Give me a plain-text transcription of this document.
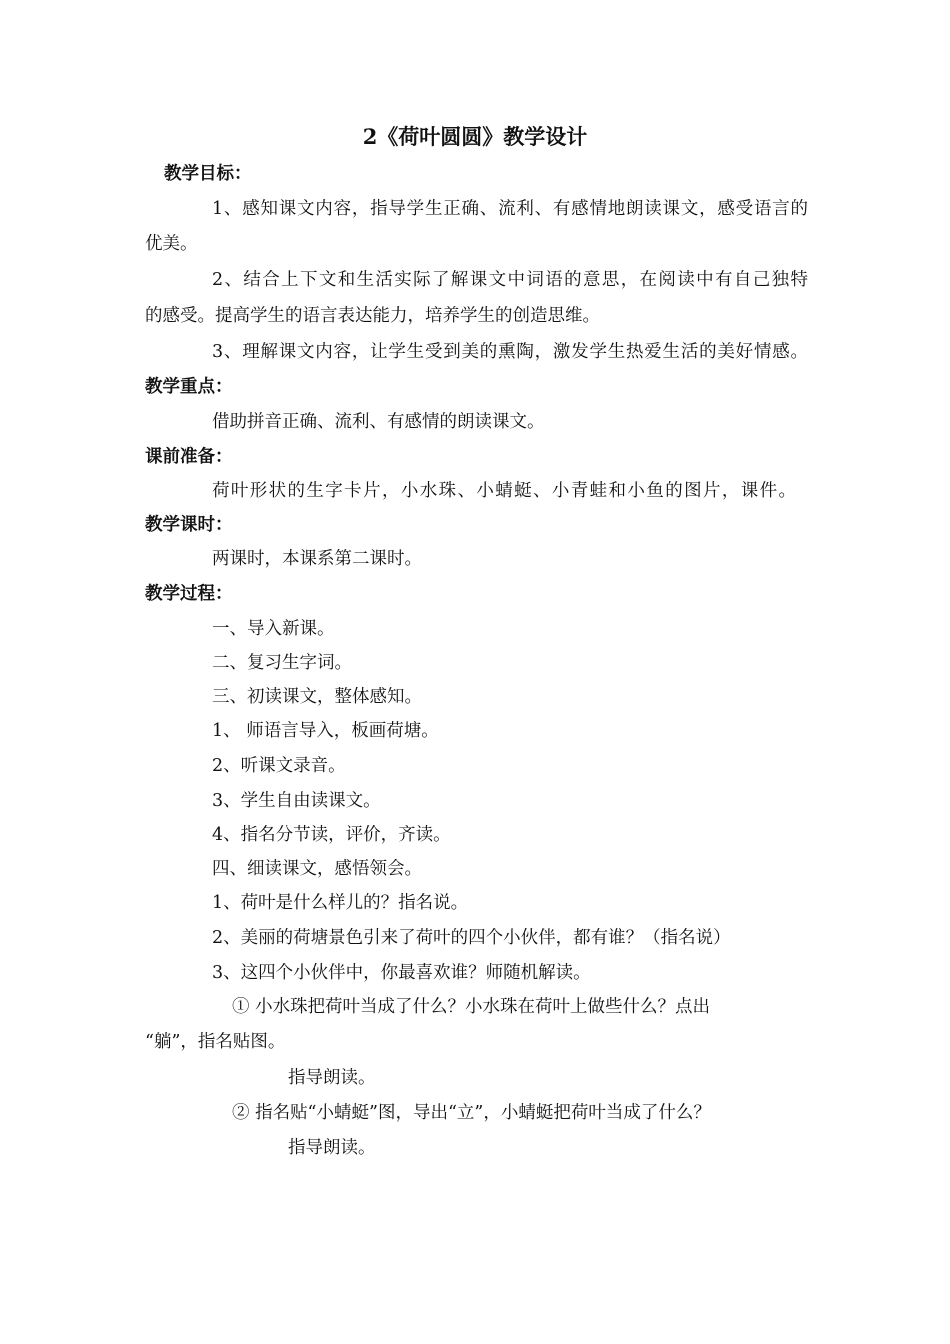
2《荷叶圆圆》教学设计
教学目标：
1、感知课文内容，指导学生正确、流利、有感情地朗读课文，感受语言的
优美。
2、结合上下文和生活实际了解课文中词语的意思，在阅读中有自己独特
的感受。提高学生的语言表达能力，培养学生的创造思维。
3、理解课文内容，让学生受到美的熏陶，激发学生热爱生活的美好情感。
教学重点：
借助拼音正确、流利、有感情的朗读课文。
课前准备：
荷叶形状的生字卡片，小水珠、小蜻蜓、小青蛙和小鱼的图片，课件。
教学课时：
两课时，本课系第二课时。
教学过程：
一、导入新课。
二、复习生字词。
三、初读课文，整体感知。
1、 师语言导入，板画荷塘。
2、听课文录音。
3、学生自由读课文。
4、指名分节读，评价，齐读。
四、细读课文，感悟领会。
1、荷叶是什么样儿的？指名说。
2、美丽的荷塘景色引来了荷叶的四个小伙伴，都有谁？（指名说）
3、这四个小伙伴中，你最喜欢谁？师随机解读。
① 小水珠把荷叶当成了什么？小水珠在荷叶上做些什么？点出
“躺”，指名贴图。
指导朗读。
② 指名贴“小蜻蜓”图，导出“立”，小蜻蜓把荷叶当成了什么？
指导朗读。
